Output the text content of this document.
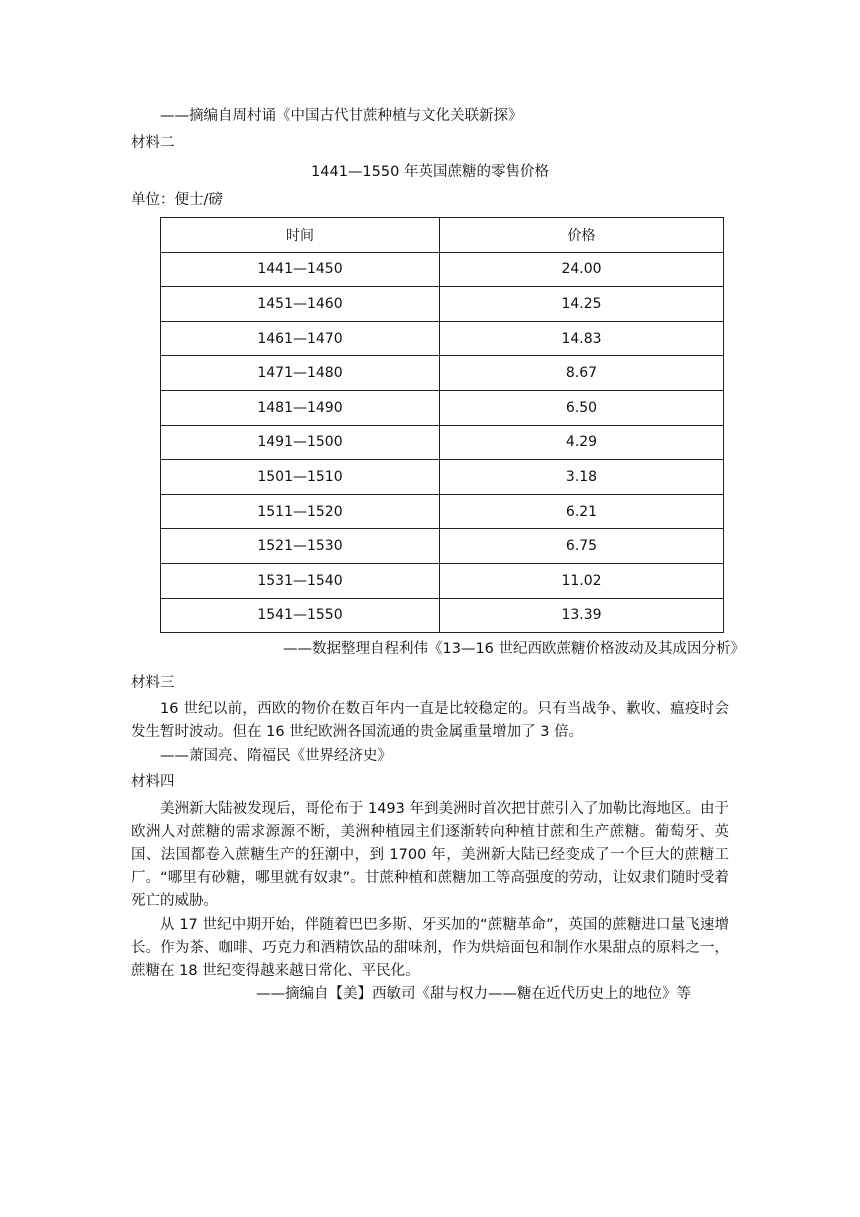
——摘编自周村诵《中国古代甘蔗种植与文化关联新探》
材料二
1441—1550 年英国蔗糖的零售价格
单位：便士/磅
时间	价格
1441—1450	24.00
1451—1460	14.25
1461—1470	14.83
1471—1480	8.67
1481—1490	6.50
1491—1500	4.29
1501—1510	3.18
1511—1520	6.21
1521—1530	6.75
1531—1540	11.02
1541—1550	13.39
——数据整理自程利伟《13—16 世纪西欧蔗糖价格波动及其成因分析》
材料三
16 世纪以前，西欧的物价在数百年内一直是比较稳定的。只有当战争、歉收、瘟疫时会发生暂时波动。但在 16 世纪欧洲各国流通的贵金属重量增加了 3 倍。
——萧国亮、隋福民《世界经济史》
材料四
美洲新大陆被发现后，哥伦布于 1493 年到美洲时首次把甘蔗引入了加勒比海地区。由于欧洲人对蔗糖的需求源源不断，美洲种植园主们逐渐转向种植甘蔗和生产蔗糖。葡萄牙、英国、法国都卷入蔗糖生产的狂潮中，到 1700 年，美洲新大陆已经变成了一个巨大的蔗糖工厂。“哪里有砂糖，哪里就有奴隶”。甘蔗种植和蔗糖加工等高强度的劳动，让奴隶们随时受着死亡的威胁。
从 17 世纪中期开始，伴随着巴巴多斯、牙买加的“蔗糖革命”，英国的蔗糖进口量飞速增长。作为茶、咖啡、巧克力和酒精饮品的甜味剂，作为烘焙面包和制作水果甜点的原料之一，蔗糖在 18 世纪变得越来越日常化、平民化。
——摘编自【美】西敏司《甜与权力——糖在近代历史上的地位》等
